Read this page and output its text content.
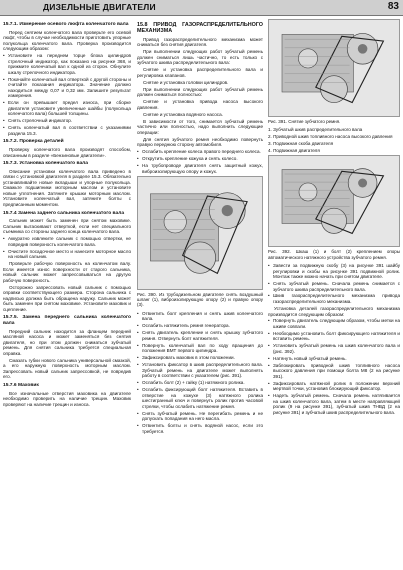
ДИЗЕЛЬНЫЕ ДВИГАТЕЛИ	83
15.7.1. Измерение осевого люфта коленчатого вала

Перед снятием коленчатого вала проверьте его осевой люфт, чтобы в случае необходимости приготовить упорные полукольца коленчатого вала. Проверка производится следующим образом:

• Установите на переднем торце блока цилиндров стрелочный индикатор, как показано на рисунке 368, и прижмите коленчатый вал к одной из сторон. Обнулите шкалу стрелочного индикатора.

• Покачайте коленчатый вал отверткой с другой стороны и считайте показания индикатора. Значение должно находиться между 0,07 и 0,32 мм. Запишите результат измерения.

• Если он превышает предел износа, при сборке двигателя установите увеличенные шайбы (полукольца коленчатого вала) большей толщины.

• Снять стрелочный индикатор.

• Снять коленчатый вал в соответствии с указаниями раздела 15.3.

15.7.2. Проверка деталей

Проверку коленчатого вала производят способом, описанным в разделе «Бензиновые двигатели».

15.7.3. Установка коленчатого вала

Описание установки коленчатого вала приведено в связи с установкой двигателя в разделе 15.3. Обязательно устанавливайте новые вкладыши и упорные полукольца. Смажьте подшипники моторным маслом и установите новые уплотнения. Затяните крышки моторным маслом. Установите коленчатый вал, затяните болты с предписанным моментом.

15.7.4 Замена заднего сальника коленчатого вала

Сальник может быть заменен при снятом маховике. Сальник вытаскивают отверткой, если нет специального съемника со стороны заднего конца коленчатого вала.

• Аккуратно извлеките сальник с помощью отвертки, не повредив поверхность коленчатого вала.

• Очистите посадочное место и нанесите моторное масло на новый сальник.

Проверьте рабочую поверхность на коленчатом валу. Если имеется износ поверхности от старого сальника, новый сальник может запрессовываться на другую рабочую поверхность.

Осторожно запрессовать новый сальник с помощью оправки соответствующего размера. Сторона сальника с надписью должна быть обращена наружу. Сальник может быть заменен при снятом маховике. Установите маховик и сцепление.

15.7.5. Замена переднего сальника коленчатого вала

Передний сальник находится за фланцем передней масляной насоса и может заменяться без снятия двигателя, но при этом должен сниматься зубчатый ремень. Для снятия сальника требуется специальная оправка.

Смазать губки нового сальника универсальной смазкой, а его наружную поверхность моторным маслом. Запрессовать новый сальник запрессовкой, не повредив его.

15.7.6 Маховик

Все изначальные отверстия маховика на двигателе необходимо проверить на наличие трещин. Маховик проверяют на наличие трещин и износа.

15.8 ПРИВОД ГАЗОРАСПРЕДЕЛИТЕЛЬНОГО МЕХАНИЗМА

Привод газораспределительного механизма может сниматься без снятия двигателя.

При выполнении следующих работ зубчатый ремень должен сниматься лишь частично, то есть только с зубчатого шкива распределительного вала:

Снятие и установка распределительного вала и регулировка клапанов.

Снятие и установка головки цилиндров.

При выполнении следующих работ зубчатый ремень должен сниматься полностью:

Снятие и установка привода насоса высокого давления.

Снятие и установка водяного насоса.

В зависимости от того, снимается зубчатый ремень частично или полностью, надо выполнить следующие операции:

Для снятия зубчатого ремня необходимо повернуть правую переднюю сторону автомобиля.

• Ослабить крепление колеса правого переднего колеса.

• Открутить крепление кожуха и снять колесо.

• На трубопроводе двигателя снять защитный кожух, виброизолирующую опору и кожух.

Рис. 390. Из трубодизельном двигателе снять воздушный шланг (1), виброизолирующую опору (2) и правую опору (3).

• Отвинтить болт крепления и снять шкив коленчатого вала.

• Ослабить натяжитель ремня генератора.

• Снять двигатель крепление и снять крышку зубчатого ремня. Отвернуть болт натяжителя.

• Повернуть коленчатый вал по ходу вращения до положения ВМТ первого цилиндра.

• Зафиксировать маховик в этом положении.

• Установить фиксатор в шкив распределительного вала. Зубчатый ремень на двигателе может выполнять работу в соответствии с указателем (рис. 391).

• Ослабить болт (2) + гайку (1) натяжного ролика.

• Ослабить фиксирующий болт натяжителя. Вставить в отверстие на кожухе (3) натяжного ролика шестигранный ключ и повернуть ролик против часовой стрелки, чтобы ослабить натяжение ремня.

• Снять зубчатый ремень. Не перегибать ремень и не допускать попадания на него масла.

• Отвинтить болты и снять водяной насос, если это требуется.

Рис. 391. Снятие зубчатого ремня.

1. Зубчатый шкив распределительного вала

2. Приводной шкив топливного насоса высокого давления

3. Подвижная скоба двигателя

4. Подвижная двигателя

Рис. 392. Шкаш (1) и болт (2) креплением опоры автоматического натяжного устройства зубчатого ремня.

• Завести за подвижную скобу (3) на рисунке 391 шайбу регулировки и скобы на рисунке 391 подвижной ролик. Монтаж также можно начать при снятом двигателе.

• Снять зубчатый ремень. Сначала ремень снимается с зубчатого шкива распределительного вала.

• Шкив газораспределительного механизма привода газораспределительного механизма.

Установка деталей газораспределительного механизма производится следующим образом:

• Повернуть двигатель следующим образом, чтобы метки на шкиве совпали.

• Необходимо установить болт фиксирующего натяжителя и вставить ремень.

• Установить зубчатый ремень на шкив коленчатого вала и (рис. 392).

• Натянуть новый зубчатый ремень.

• Заблокировать приводной шкив топливного насоса высокого давления при помощи болта M8 (2 на рисунке 391).

• Зафиксировать натяжной ролик в положении верхний мертвой точки, установив блокирующий фиксатор.

• Надеть зубчатый ремень. Сначала ремень натягивается на шкив коленчатого вала, затем в месте направляющей ролик (9 на рисунке 391), зубчатый шкив ТНВД (2 на рисунке 391) и зубчатый шкив распределительного вала.
